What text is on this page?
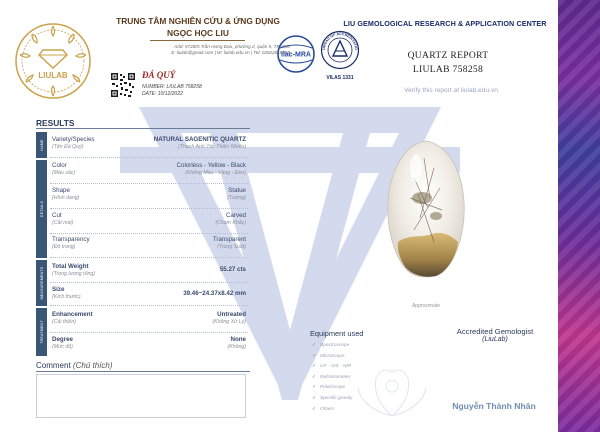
LIULAB
TRUNG TÂM NGHIÊN CỨU & ỨNG DỤNG
NGỌC HỌC LIU
Add: 572B/5 Trần Hưng Đạo, phường 2, quận 5, TPHCM
E: liulab@gmail.com | W: liulab.edu.vn | Tel: 02822618859
ĐÁ QUÝ
NUMBER: LIULAB 758258
DATE: 10/12/2022
LIU GEMOLOGICAL RESEARCH & APPLICATION CENTER
ilac-MRA
UREAU OF ACCREDITATIO
VILAS 1331
QUARTZ REPORT
LIULAB 758258
Verify this report at liulab.edu.vn
RESULTS
NAME
DETAILS
MEASUREMENTS
TREATMENT
Variety/Species
(Tên Đá Quý)
NATURAL SAGENITIC QUARTZ
(Thạch Anh Tóc Thiên Nhiên)
Color
(Màu sắc)
Colorless - Yellow - Black
(Không Màu - Vàng - Đen)
Shape
(Hình dạng)
Statue
(Tượng)
Cut
(Cắt mài)
Carved
(Chạm Khắc)
Transparency
(Độ trong)
Transparent
(Trong Suốt)
Total Weight
(Trọng lượng tổng)
55.27 cts
Size
(Kích thước)	39.46~24.37x8.42 mm
Enhancement
(Cải thiện)
Untreated
(Không Xử Lý)
Degree
(Mức độ)
None
(Không)
Comment (Chú thích)
Approximate
Equipment used
✓ Spectroscope
✓ Microscope
✓ UV - VIS - NIR
✓ Refractometer
✓ Polariscope
✓ Specific gravity
✓ Others
Accredited Gemologist
(LiuLab)
Nguyễn Thành Nhân
